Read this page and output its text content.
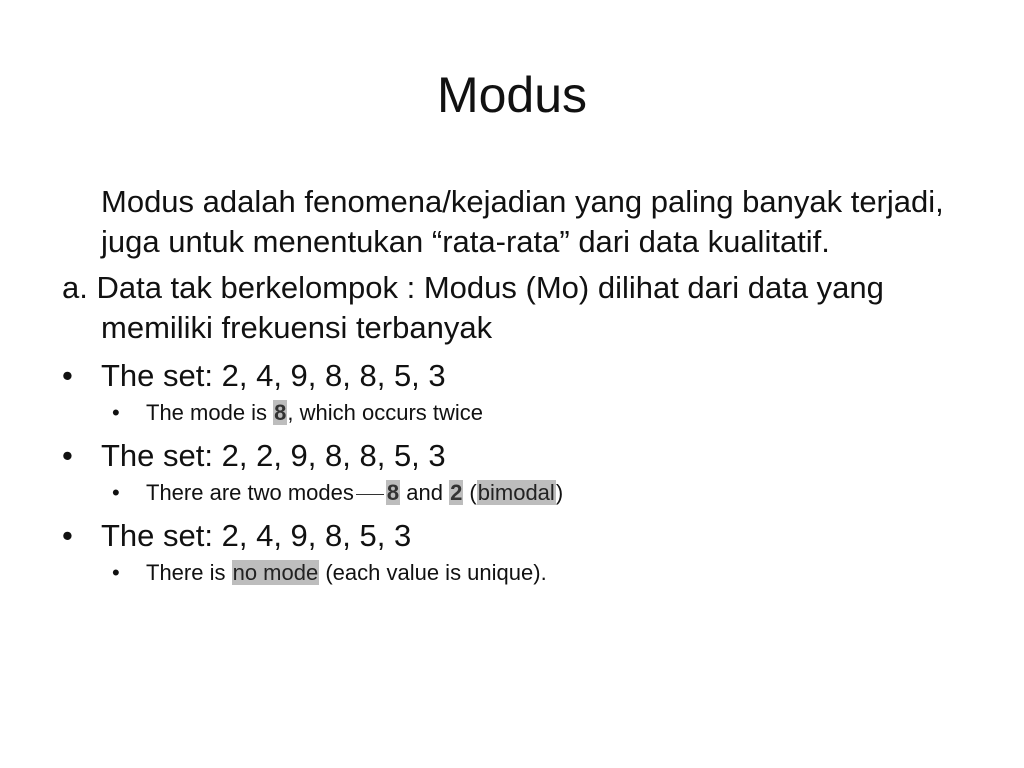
Modus

Modus adalah fenomena/kejadian yang paling banyak terjadi, juga untuk menentukan “rata-rata” dari data kualitatif.

a. Data tak berkelompok : Modus (Mo) dilihat dari data yang memiliki frekuensi terbanyak

• The set: 2, 4, 9, 8, 8, 5, 3
• The mode is 8, which occurs twice
• The set: 2, 2, 9, 8, 8, 5, 3
• There are two modes 8 and 2 (bimodal)
• The set: 2, 4, 9, 8, 5, 3
• There is no mode (each value is unique).
